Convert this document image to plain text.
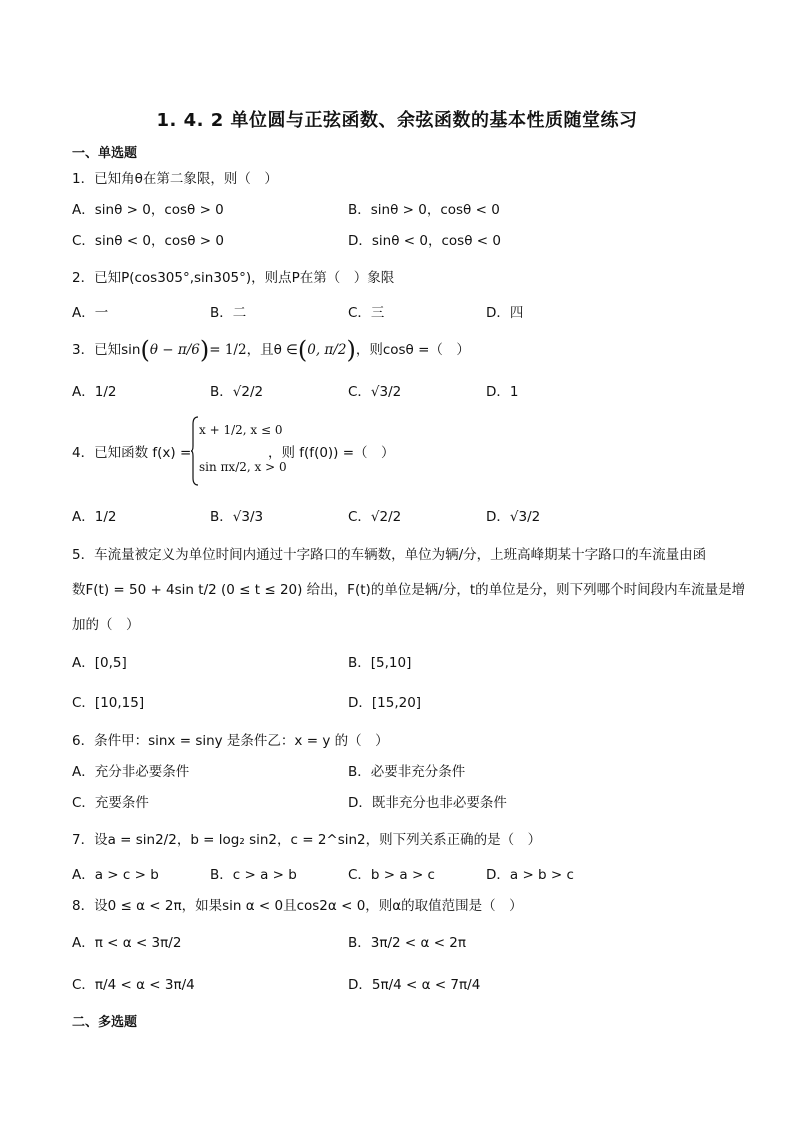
1. 4. 2 单位圆与正弦函数、余弦函数的基本性质随堂练习
一、单选题
1．已知角θ在第二象限，则（　）
A．sinθ > 0，cosθ > 0	B．sinθ > 0，cosθ < 0
C．sinθ < 0，cosθ > 0	D．sinθ < 0，cosθ < 0
2．已知P(cos305°,sin305°)，则点P在第（　）象限
A．一	B．二	C．三	D．四
3．已知sin(θ − π/6)= 1/2，且θ ∈(0, π/2)，则cosθ =（　）
A．1/2	B．√2/2	C．√3/2	D．1
4．已知函数 f(x) =
x + 1/2, x ≤ 0
sin πx/2, x > 0
，则 f(f(0)) =（　）
A．1/2	B．√3/3	C．√2/2	D．√3/2
5．车流量被定义为单位时间内通过十字路口的车辆数，单位为辆/分，上班高峰期某十字路口的车流量由函
数F(t) = 50 + 4sin t/2 (0 ≤ t ≤ 20) 给出，F(t)的单位是辆/分，t的单位是分，则下列哪个时间段内车流量是增
加的（　）
A．[0,5]	B．[5,10]
C．[10,15]	D．[15,20]
6．条件甲：sinx = siny 是条件乙：x = y 的（　）
A．充分非必要条件	B．必要非充分条件
C．充要条件	D．既非充分也非必要条件
7．设a = sin2/2，b = log₂ sin2，c = 2^sin2，则下列关系正确的是（　）
A．a > c > b	B．c > a > b	C．b > a > c	D．a > b > c
8．设0 ≤ α < 2π，如果sin α < 0且cos2α < 0，则α的取值范围是（　）
A．π < α < 3π/2	B．3π/2 < α < 2π
C．π/4 < α < 3π/4	D．5π/4 < α < 7π/4
二、多选题
